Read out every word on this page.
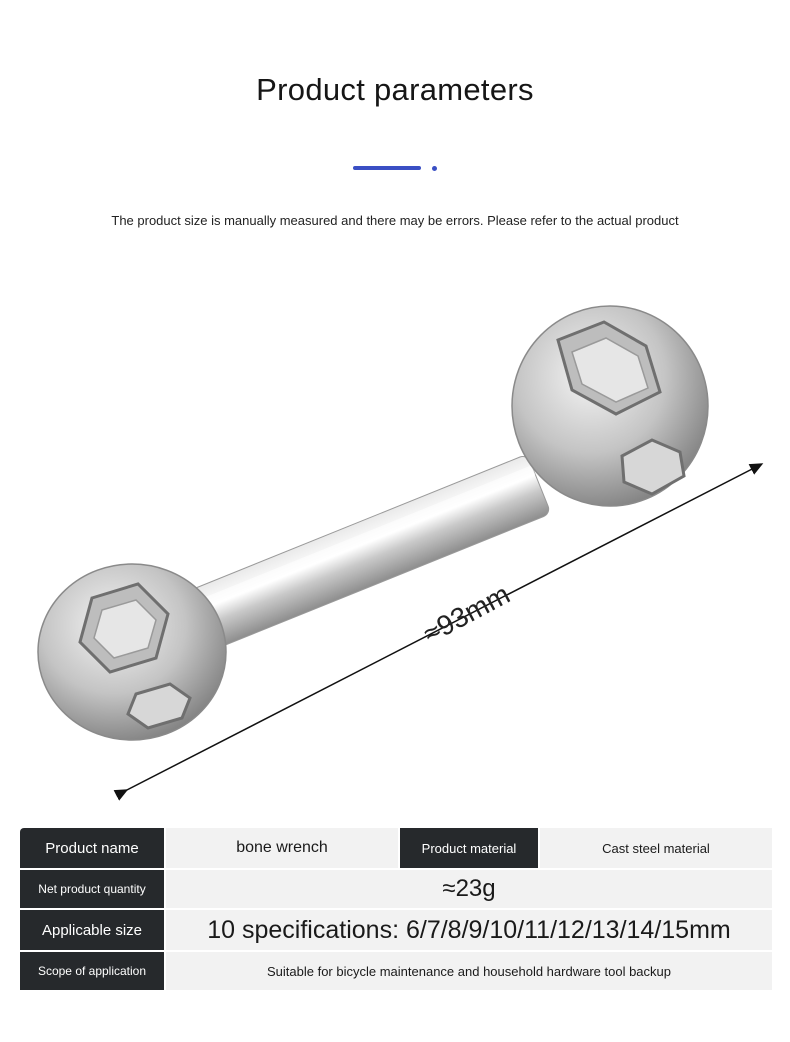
Product parameters
The product size is manually measured and there may be errors. Please refer to the actual product
≈93mm
Product name	bone wrench	Product material	Cast steel material
Net product quantity	≈23g
Applicable size	10 specifications: 6/7/8/9/10/11/12/13/14/15mm
Scope of application	Suitable for bicycle maintenance and household hardware tool backup
